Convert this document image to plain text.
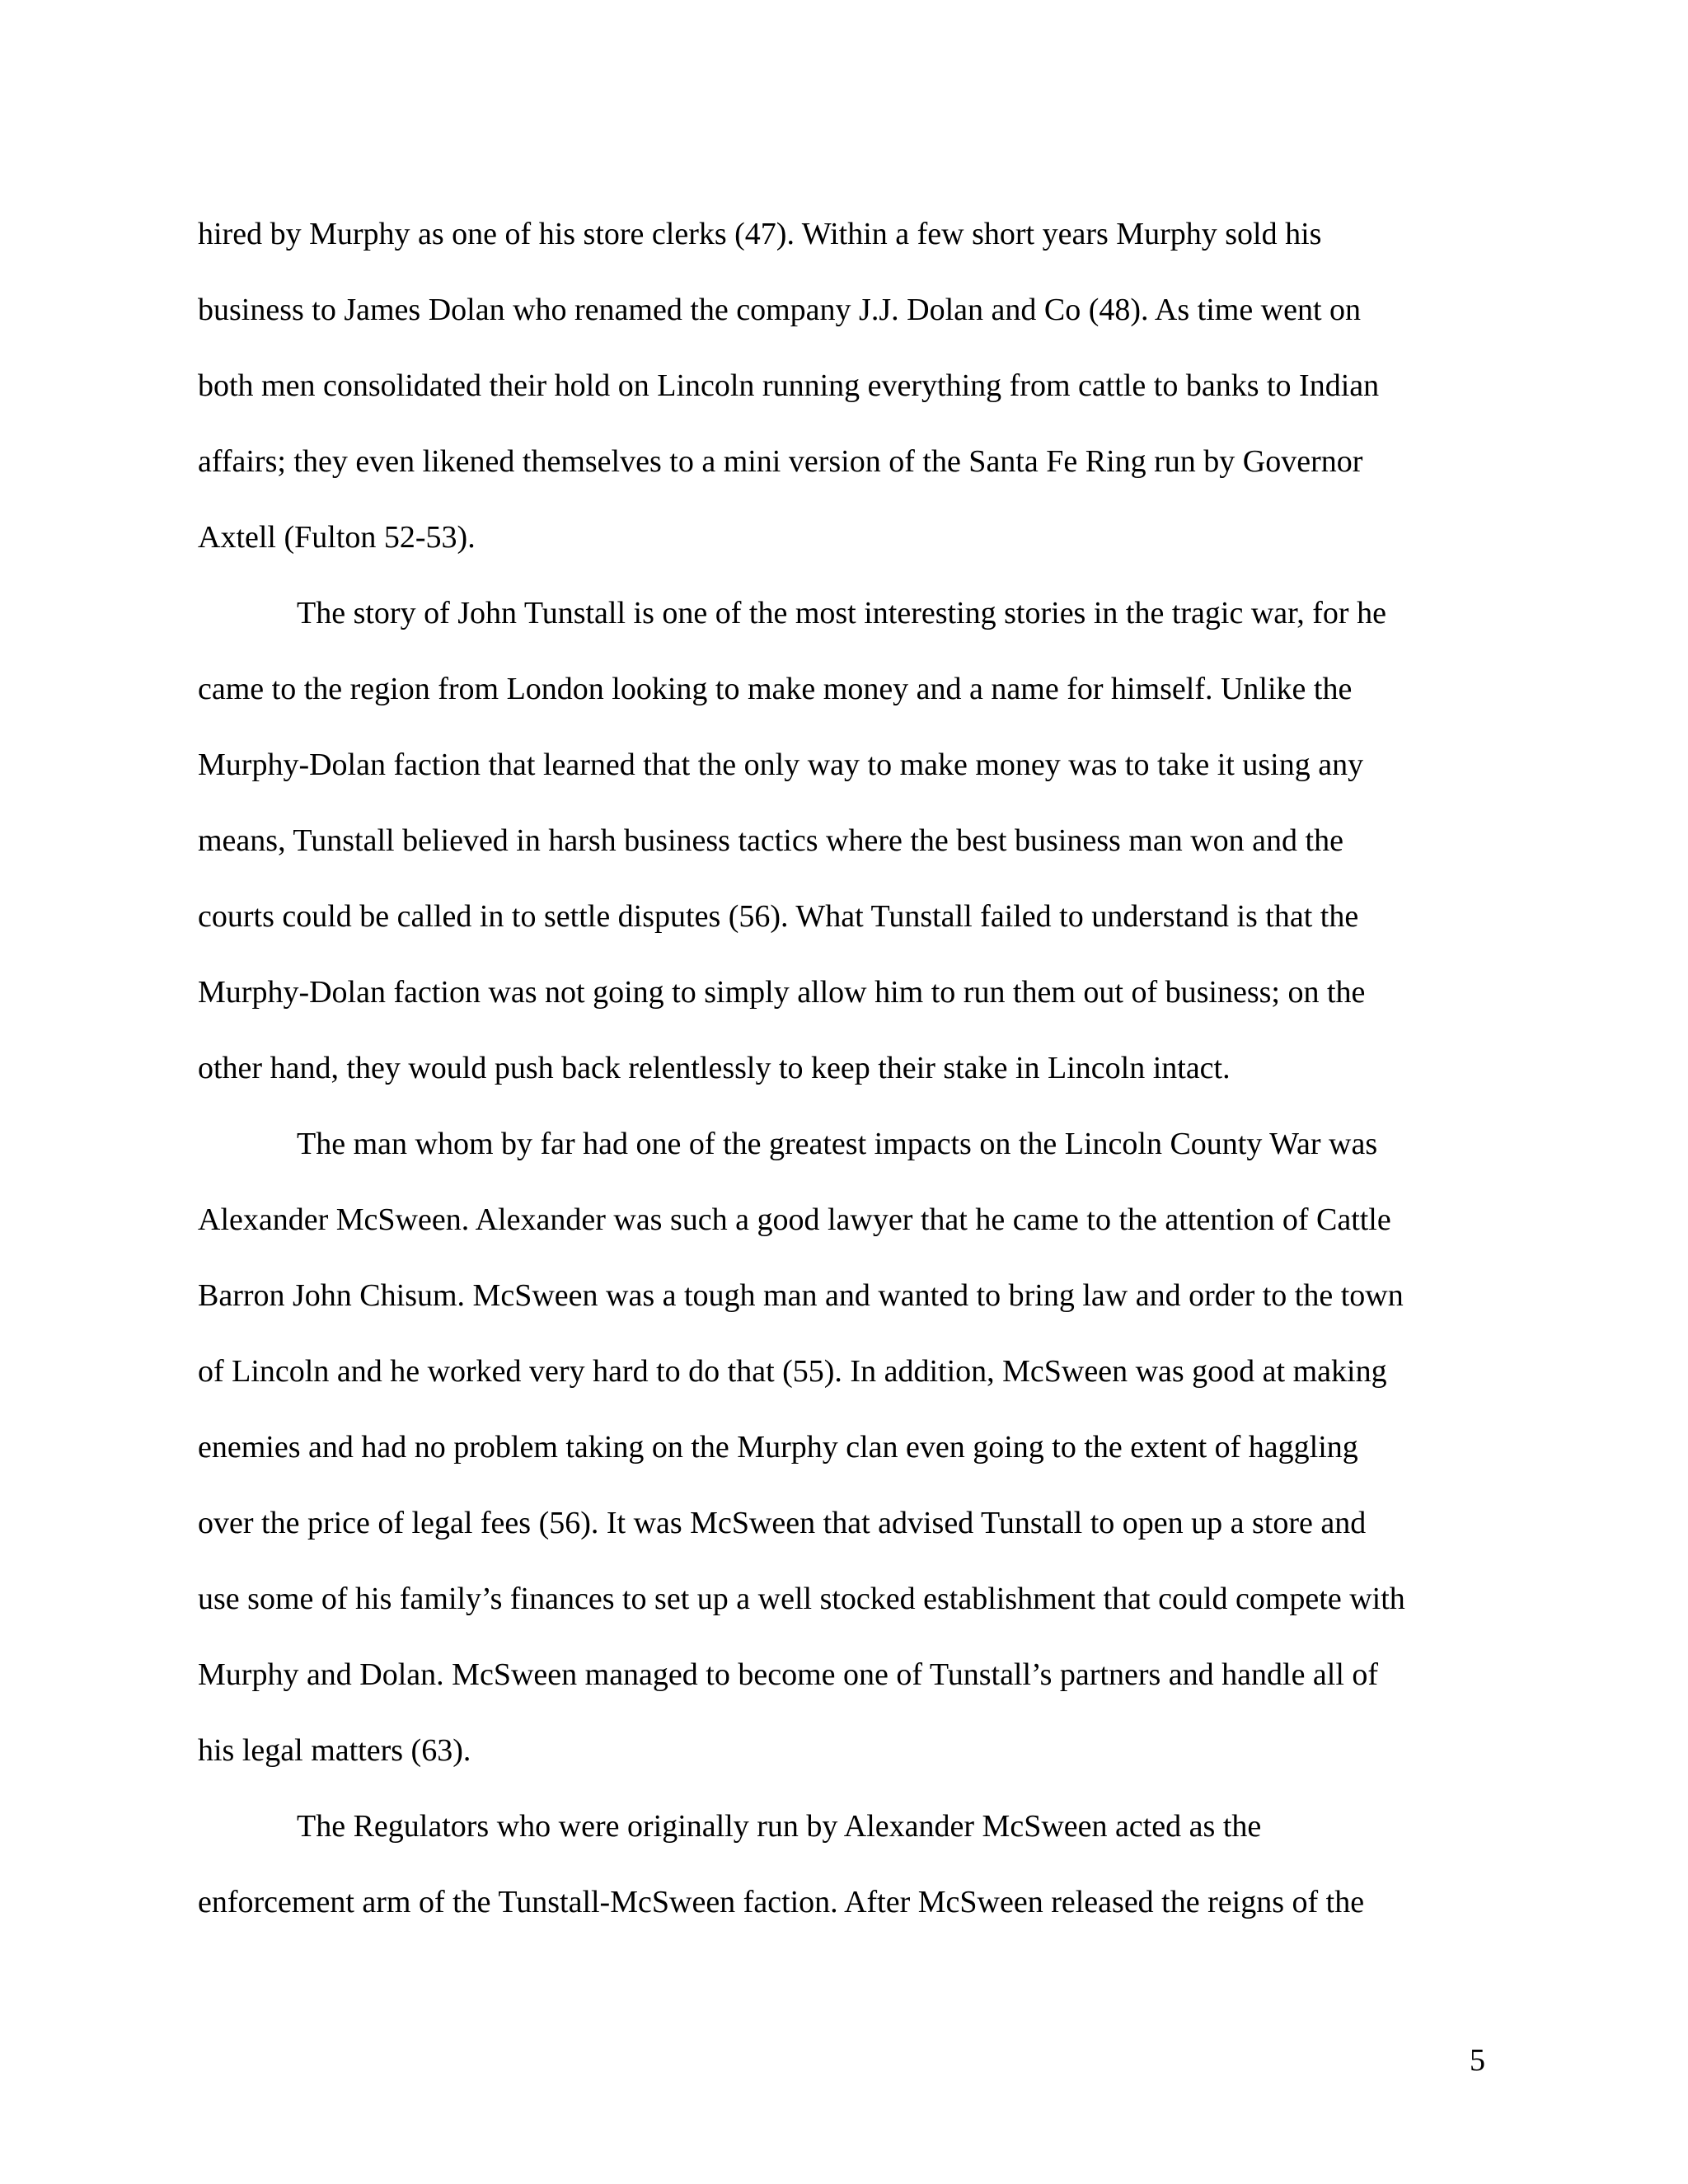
hired by Murphy as one of his store clerks (47). Within a few short years Murphy sold his
business to James Dolan who renamed the company J.J. Dolan and Co (48). As time went on
both men consolidated their hold on Lincoln running everything from cattle to banks to Indian
affairs; they even likened themselves to a mini version of the Santa Fe Ring run by Governor
Axtell (Fulton 52-53).
The story of John Tunstall is one of the most interesting stories in the tragic war, for he
came to the region from London looking to make money and a name for himself. Unlike the
Murphy-Dolan faction that learned that the only way to make money was to take it using any
means, Tunstall believed in harsh business tactics where the best business man won and the
courts could be called in to settle disputes (56). What Tunstall failed to understand is that the
Murphy-Dolan faction was not going to simply allow him to run them out of business; on the
other hand, they would push back relentlessly to keep their stake in Lincoln intact.
The man whom by far had one of the greatest impacts on the Lincoln County War was
Alexander McSween. Alexander was such a good lawyer that he came to the attention of Cattle
Barron John Chisum. McSween was a tough man and wanted to bring law and order to the town
of Lincoln and he worked very hard to do that (55). In addition, McSween was good at making
enemies and had no problem taking on the Murphy clan even going to the extent of haggling
over the price of legal fees (56). It was McSween that advised Tunstall to open up a store and
use some of his family’s finances to set up a well stocked establishment that could compete with
Murphy and Dolan. McSween managed to become one of Tunstall’s partners and handle all of
his legal matters (63).
The Regulators who were originally run by Alexander McSween acted as the
enforcement arm of the Tunstall-McSween faction. After McSween released the reigns of the
5
